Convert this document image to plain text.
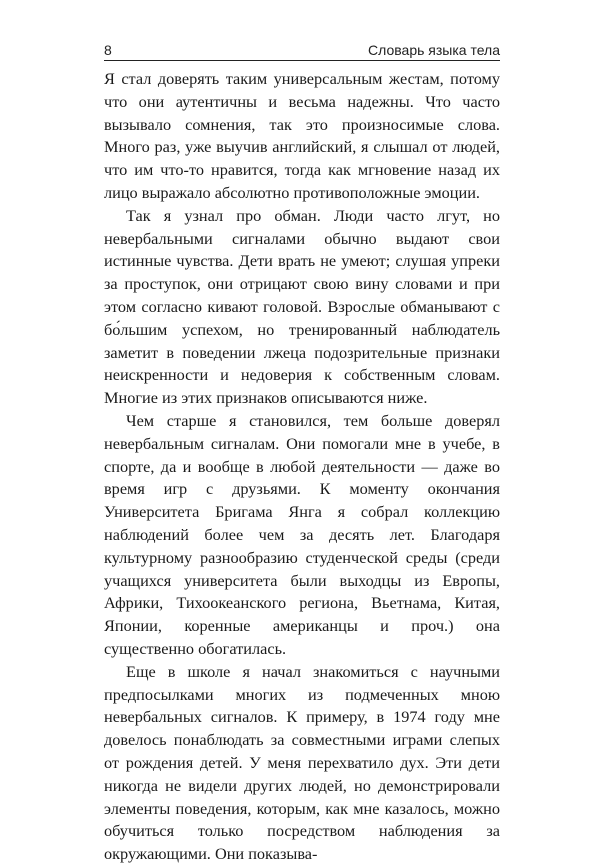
8	Словарь языка тела

Я стал доверять таким универсальным жестам, потому что они аутентичны и весьма надежны. Что часто вызывало сомнения, так это произносимые слова. Много раз, уже выучив английский, я слышал от людей, что им что-то нравится, тогда как мгновение назад их лицо выражало абсолютно противоположные эмоции.

Так я узнал про обман. Люди часто лгут, но невербальными сигналами обычно выдают свои истинные чувства. Дети врать не умеют; слушая упреки за проступок, они отрицают свою вину словами и при этом согласно кивают головой. Взрослые обманывают с бо́льшим успехом, но тренированный наблюдатель заметит в поведении лжеца подозрительные признаки неискренности и недоверия к собственным словам. Многие из этих признаков описываются ниже.

Чем старше я становился, тем больше доверял невербальным сигналам. Они помогали мне в учебе, в спорте, да и вообще в любой деятельности — даже во время игр с друзьями. К моменту окончания Университета Бригама Янга я собрал коллекцию наблюдений более чем за десять лет. Благодаря культурному разнообразию студенческой среды (среди учащихся университета были выходцы из Европы, Африки, Тихоокеанского региона, Вьетнама, Китая, Японии, коренные американцы и проч.) она существенно обогатилась.

Еще в школе я начал знакомиться с научными предпосылками многих из подмеченных мною невербальных сигналов. К примеру, в 1974 году мне довелось понаблюдать за совместными играми слепых от рождения детей. У меня перехватило дух. Эти дети никогда не видели других людей, но демонстрировали элементы поведения, которым, как мне казалось, можно обучиться только посредством наблюдения за окружающими. Они показыва-
